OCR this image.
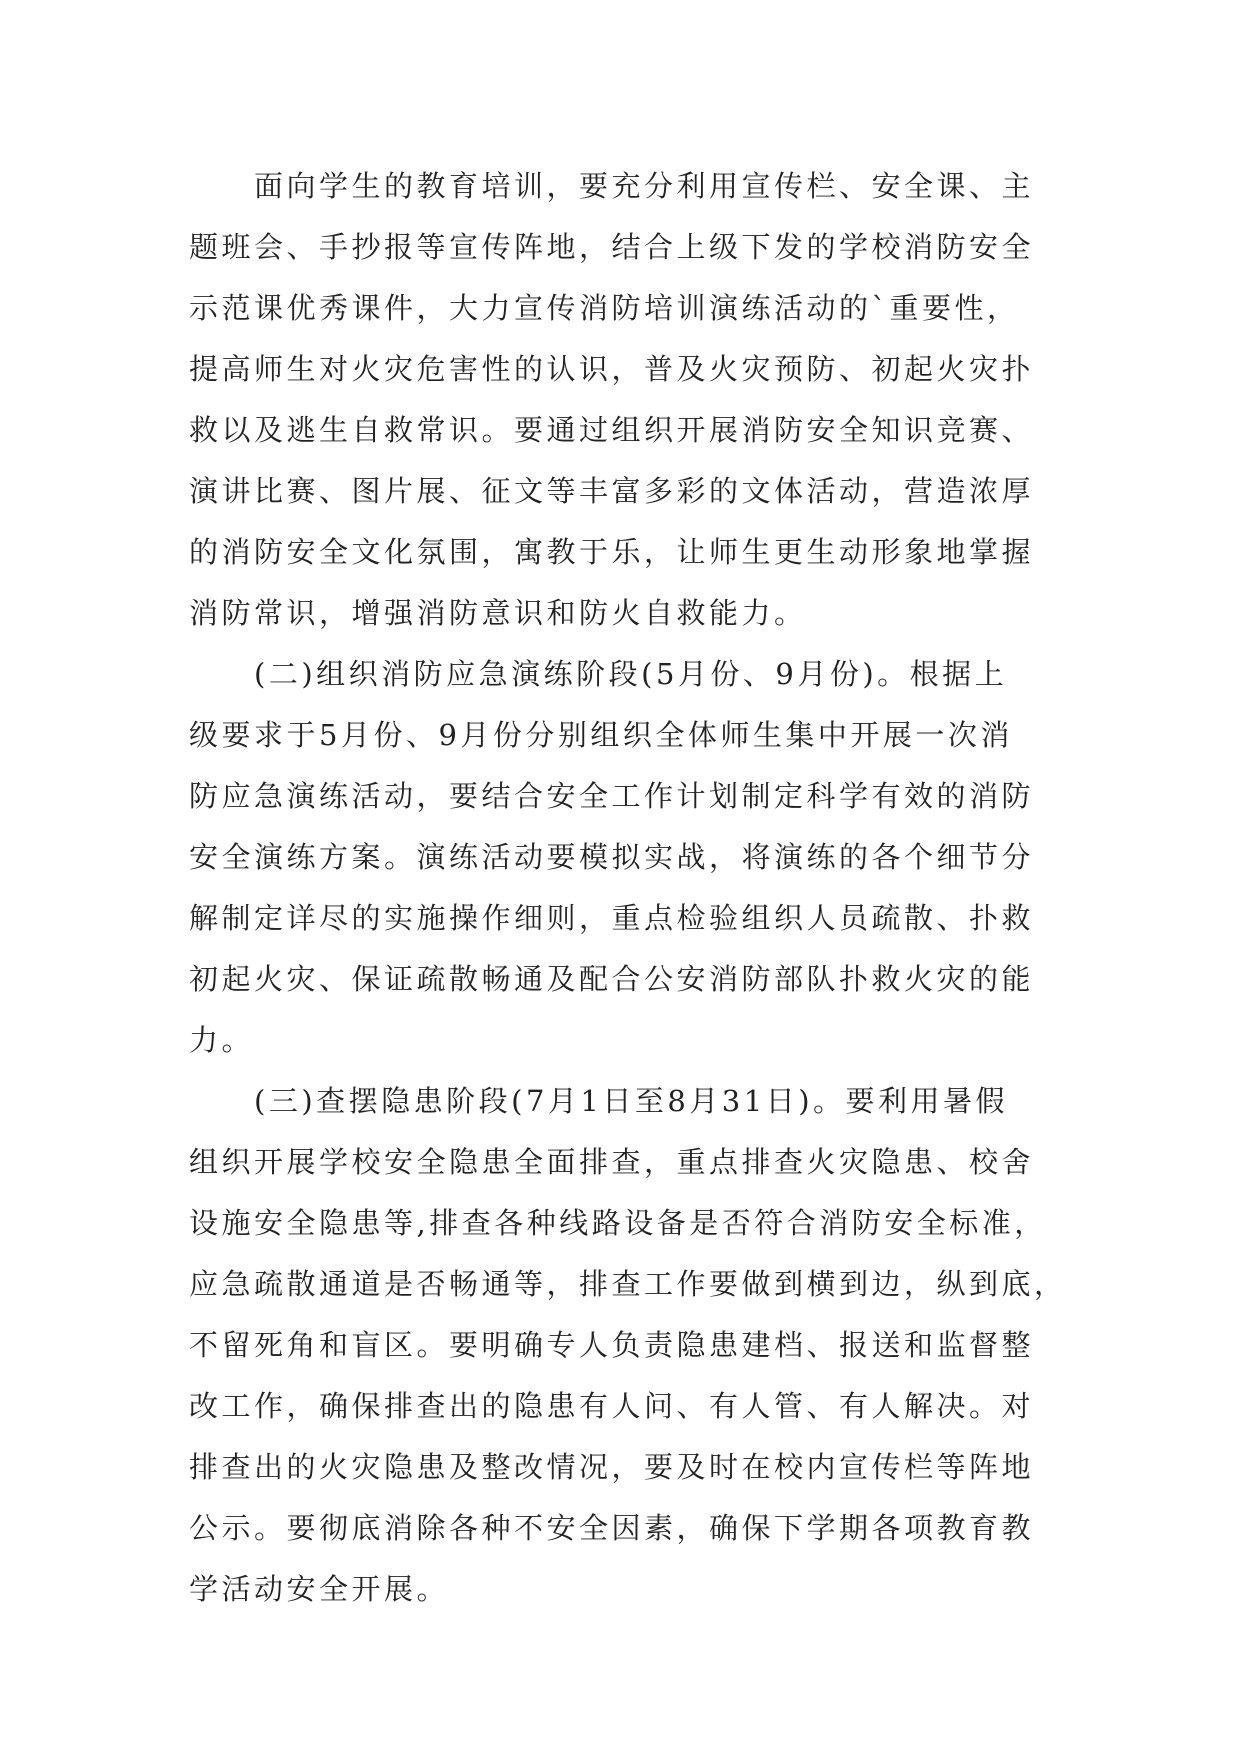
　　面向学生的教育培训，要充分利用宣传栏、安全课、主
题班会、手抄报等宣传阵地，结合上级下发的学校消防安全
示范课优秀课件，大力宣传消防培训演练活动的`重要性，
提高师生对火灾危害性的认识，普及火灾预防、初起火灾扑
救以及逃生自救常识。要通过组织开展消防安全知识竞赛、
演讲比赛、图片展、征文等丰富多彩的文体活动，营造浓厚
的消防安全文化氛围，寓教于乐，让师生更生动形象地掌握
消防常识，增强消防意识和防火自救能力。
　　(二)组织消防应急演练阶段(5月份、9月份)。根据上
级要求于5月份、9月份分别组织全体师生集中开展一次消
防应急演练活动，要结合安全工作计划制定科学有效的消防
安全演练方案。演练活动要模拟实战，将演练的各个细节分
解制定详尽的实施操作细则，重点检验组织人员疏散、扑救
初起火灾、保证疏散畅通及配合公安消防部队扑救火灾的能
力。
　　(三)查摆隐患阶段(7月1日至8月31日)。要利用暑假
组织开展学校安全隐患全面排查，重点排查火灾隐患、校舍
设施安全隐患等,排查各种线路设备是否符合消防安全标准，
应急疏散通道是否畅通等，排查工作要做到横到边，纵到底，
不留死角和盲区。要明确专人负责隐患建档、报送和监督整
改工作，确保排查出的隐患有人问、有人管、有人解决。对
排查出的火灾隐患及整改情况，要及时在校内宣传栏等阵地
公示。要彻底消除各种不安全因素，确保下学期各项教育教
学活动安全开展。
